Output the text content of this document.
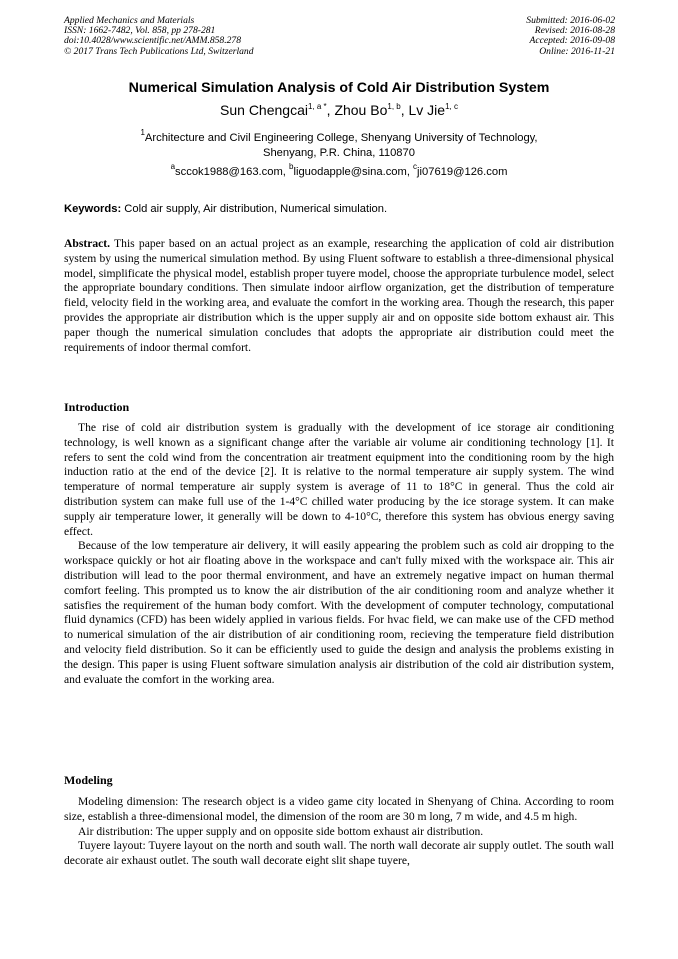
Applied Mechanics and Materials
ISSN: 1662-7482, Vol. 858, pp 278-281
doi:10.4028/www.scientific.net/AMM.858.278
© 2017 Trans Tech Publications Ltd, Switzerland
Submitted: 2016-06-02
Revised: 2016-08-28
Accepted: 2016-09-08
Online: 2016-11-21
Numerical Simulation Analysis of Cold Air Distribution System
Sun Chengcai$^{1, a *}$, Zhou Bo$^{1, b}$, Lv Jie$^{1, c}$
$^1$Architecture and Civil Engineering College, Shenyang University of Technology,
Shenyang, P.R. China, 110870
$^a$sccok1988@163.com, $^b$liguodapple@sina.com, $^c$ji07619@126.com
Keywords: Cold air supply, Air distribution, Numerical simulation.

Abstract. This paper based on an actual project as an example, researching the application of cold air distribution system by using the numerical simulation method. By using Fluent software to establish a three-dimensional physical model, simplificate the physical model, establish proper tuyere model, choose the appropriate turbulence model, select the appropriate boundary conditions. Then simulate indoor airflow organization, get the distribution of temperature field, velocity field in the working area, and evaluate the comfort in the working area. Though the research, this paper provides the appropriate air distribution which is the upper supply air and on opposite side bottom exhaust air. This paper though the numerical simulation concludes that adopts the appropriate air distribution could meet the requirements of indoor thermal comfort.

Introduction

The rise of cold air distribution system is gradually with the development of ice storage air conditioning technology, is well known as a significant change after the variable air volume air conditioning technology [1]. It refers to sent the cold wind from the concentration air treatment equipment into the conditioning room by the high induction ratio at the end of the device [2]. It is relative to the normal temperature air supply system. The wind temperature of normal temperature air supply system is average of 11 to 18°C in general. Thus the cold air distribution system can make full use of the 1-4°C chilled water producing by the ice storage system. It can make supply air temperature lower, it generally will be down to 4-10°C, therefore this system has obvious energy saving effect.

Because of the low temperature air delivery, it will easily appearing the problem such as cold air dropping to the workspace quickly or hot air floating above in the workspace and can't fully mixed with the workspace air. This air distribution will lead to the poor thermal environment, and have an extremely negative impact on human thermal comfort feeling. This prompted us to know the air distribution of the air conditioning room and analyze whether it satisfies the requirement of the human body comfort. With the development of computer technology, computational fluid dynamics (CFD) has been widely applied in various fields. For hvac field, we can make use of the CFD method to numerical simulation of the air distribution of air conditioning room, recieving the temperature field distribution and velocity field distribution. So it can be efficiently used to guide the design and analysis the problems existing in the design. This paper is using Fluent software simulation analysis air distribution of the cold air distribution system, and evaluate the comfort in the working area.

Modeling

Modeling dimension: The research object is a video game city located in Shenyang of China. According to room size, establish a three-dimensional model, the dimension of the room are 30 m long, 7 m wide, and 4.5 m high.

Air distribution: The upper supply and on opposite side bottom exhaust air distribution.

Tuyere layout: Tuyere layout on the north and south wall. The north wall decorate air supply outlet. The south wall decorate air exhaust outlet. The south wall decorate eight slit shape tuyere,
